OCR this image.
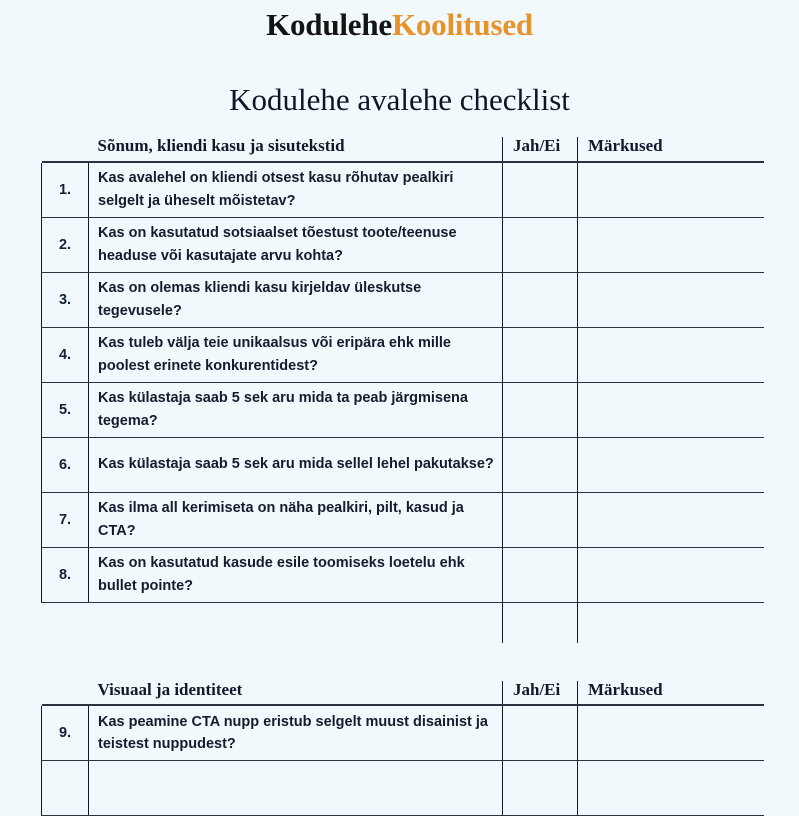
KoduleheKoolitused
Kodulehe avalehe checklist
	Sõnum, kliendi kasu ja sisutekstid	Jah/Ei	Märkused

1.	Kas avalehel on kliendi otsest kasu rõhutav pealkiri selgelt ja üheselt mõistetav?		
2.	Kas on kasutatud sotsiaalset tõestust toote/teenuse headuse või kasutajate arvu kohta?		
3.	Kas on olemas kliendi kasu kirjeldav üleskutse tegevusele?		
4.	Kas tuleb välja teie unikaalsus või eripära ehk mille poolest erinete konkurentidest?		
5.	Kas külastaja saab 5 sek aru mida ta peab järgmisena tegema?		
6.	Kas külastaja saab 5 sek aru mida sellel lehel pakutakse?		
7.	Kas ilma all kerimiseta on näha pealkiri, pilt, kasud ja CTA?		
8.	Kas on kasutatud kasude esile toomiseks loetelu ehk bullet pointe?		

	Visuaal ja identiteet	Jah/Ei	Märkused

9.	Kas peamine CTA nupp eristub selgelt muust disainist ja teistest nuppudest?		
